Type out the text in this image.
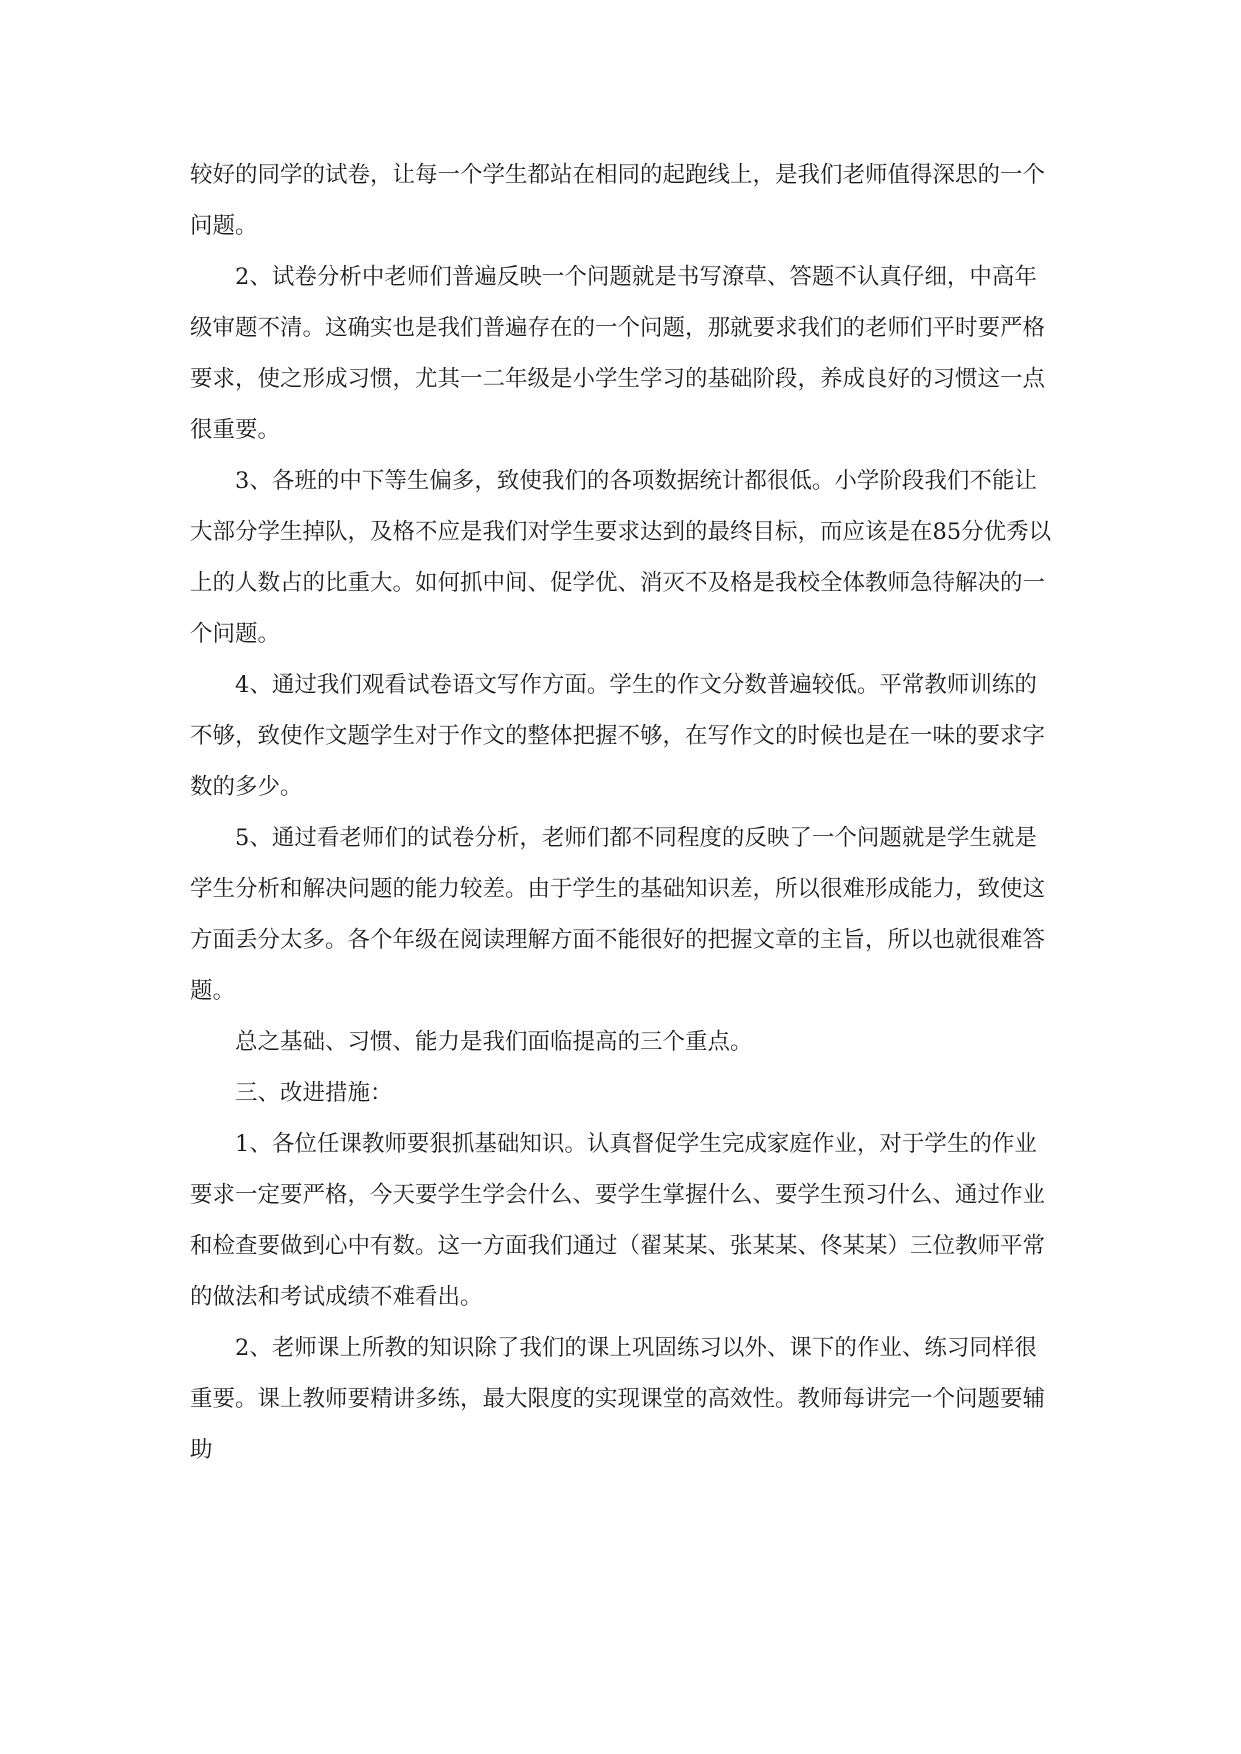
较好的同学的试卷，让每一个学生都站在相同的起跑线上，是我们老师值得深思的一个问题。

2、试卷分析中老师们普遍反映一个问题就是书写潦草、答题不认真仔细，中高年级审题不清。这确实也是我们普遍存在的一个问题，那就要求我们的老师们平时要严格要求，使之形成习惯，尤其一二年级是小学生学习的基础阶段，养成良好的习惯这一点很重要。

3、各班的中下等生偏多，致使我们的各项数据统计都很低。小学阶段我们不能让大部分学生掉队，及格不应是我们对学生要求达到的最终目标，而应该是在85分优秀以上的人数占的比重大。如何抓中间、促学优、消灭不及格是我校全体教师急待解决的一个问题。

4、通过我们观看试卷语文写作方面。学生的作文分数普遍较低。平常教师训练的不够，致使作文题学生对于作文的整体把握不够，在写作文的时候也是在一味的要求字数的多少。

5、通过看老师们的试卷分析，老师们都不同程度的反映了一个问题就是学生就是学生分析和解决问题的能力较差。由于学生的基础知识差，所以很难形成能力，致使这方面丢分太多。各个年级在阅读理解方面不能很好的把握文章的主旨，所以也就很难答题。

总之基础、习惯、能力是我们面临提高的三个重点。

三、改进措施：

1、各位任课教师要狠抓基础知识。认真督促学生完成家庭作业，对于学生的作业要求一定要严格，今天要学生学会什么、要学生掌握什么、要学生预习什么、通过作业和检查要做到心中有数。这一方面我们通过（翟某某、张某某、佟某某）三位教师平常的做法和考试成绩不难看出。

2、老师课上所教的知识除了我们的课上巩固练习以外、课下的作业、练习同样很重要。课上教师要精讲多练，最大限度的实现课堂的高效性。教师每讲完一个问题要辅助
